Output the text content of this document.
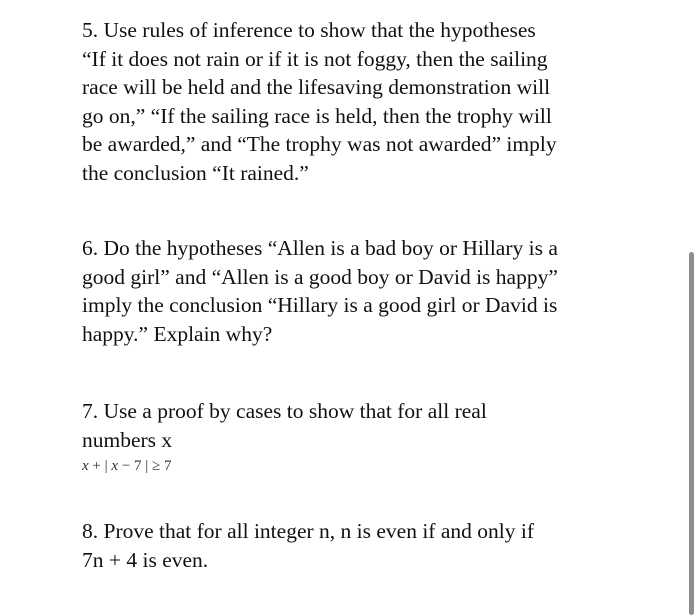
5. Use rules of inference to show that the hypotheses
“If it does not rain or if it is not foggy, then the sailing
race will be held and the lifesaving demonstration will
go on,” “If the sailing race is held, then the trophy will
be awarded,” and “The trophy was not awarded” imply
the conclusion “It rained.”
6. Do the hypotheses “Allen is a bad boy or Hillary is a
good girl” and “Allen is a good boy or David is happy”
imply the conclusion “Hillary is a good girl or David is
happy.” Explain why?
7. Use a proof by cases to show that for all real
numbers x
x + | x − 7 | ≥ 7
8. Prove that for all integer n, n is even if and only if
7n + 4 is even.
